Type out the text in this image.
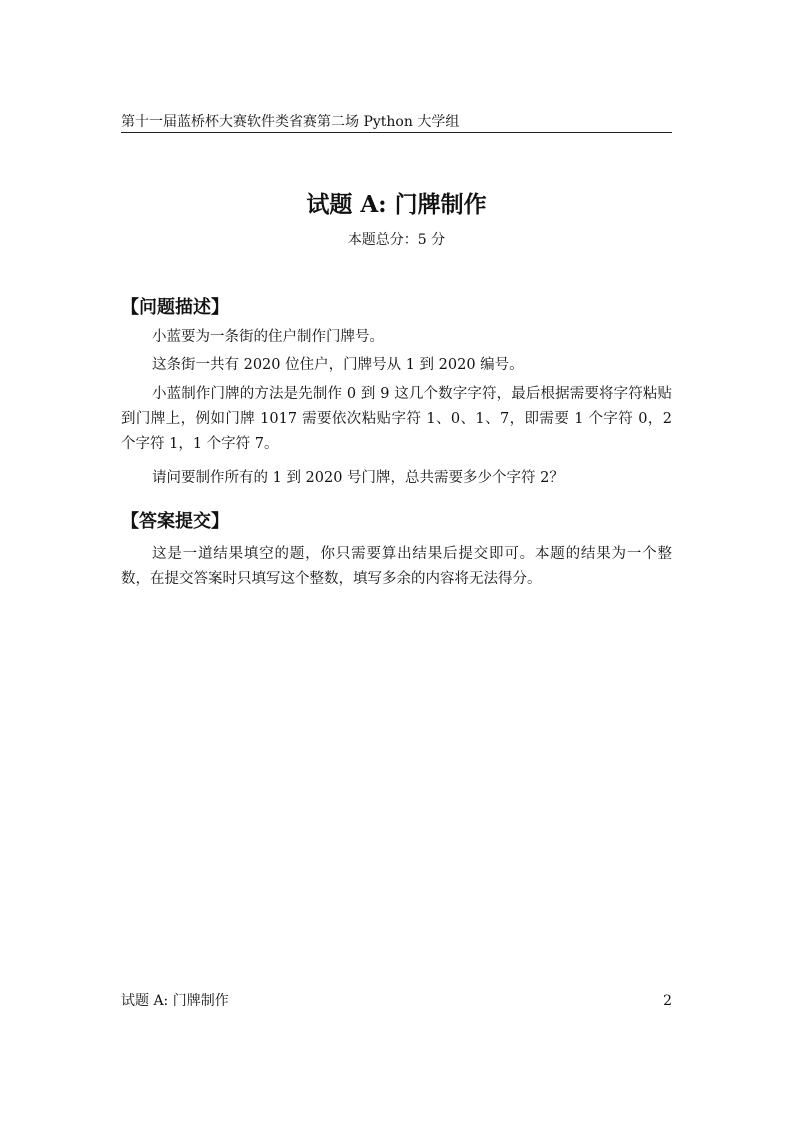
第十一届蓝桥杯大赛软件类省赛第二场 Python 大学组
试题 A: 门牌制作
本题总分：5 分
【问题描述】
小蓝要为一条街的住户制作门牌号。
这条街一共有 2020 位住户，门牌号从 1 到 2020 编号。
小蓝制作门牌的方法是先制作 0 到 9 这几个数字字符，最后根据需要将字符粘贴到门牌上，例如门牌 1017 需要依次粘贴字符 1、0、1、7，即需要 1 个字符 0，2 个字符 1，1 个字符 7。
请问要制作所有的 1 到 2020 号门牌，总共需要多少个字符 2？
【答案提交】
这是一道结果填空的题，你只需要算出结果后提交即可。本题的结果为一个整数，在提交答案时只填写这个整数，填写多余的内容将无法得分。
试题 A: 门牌制作	2
